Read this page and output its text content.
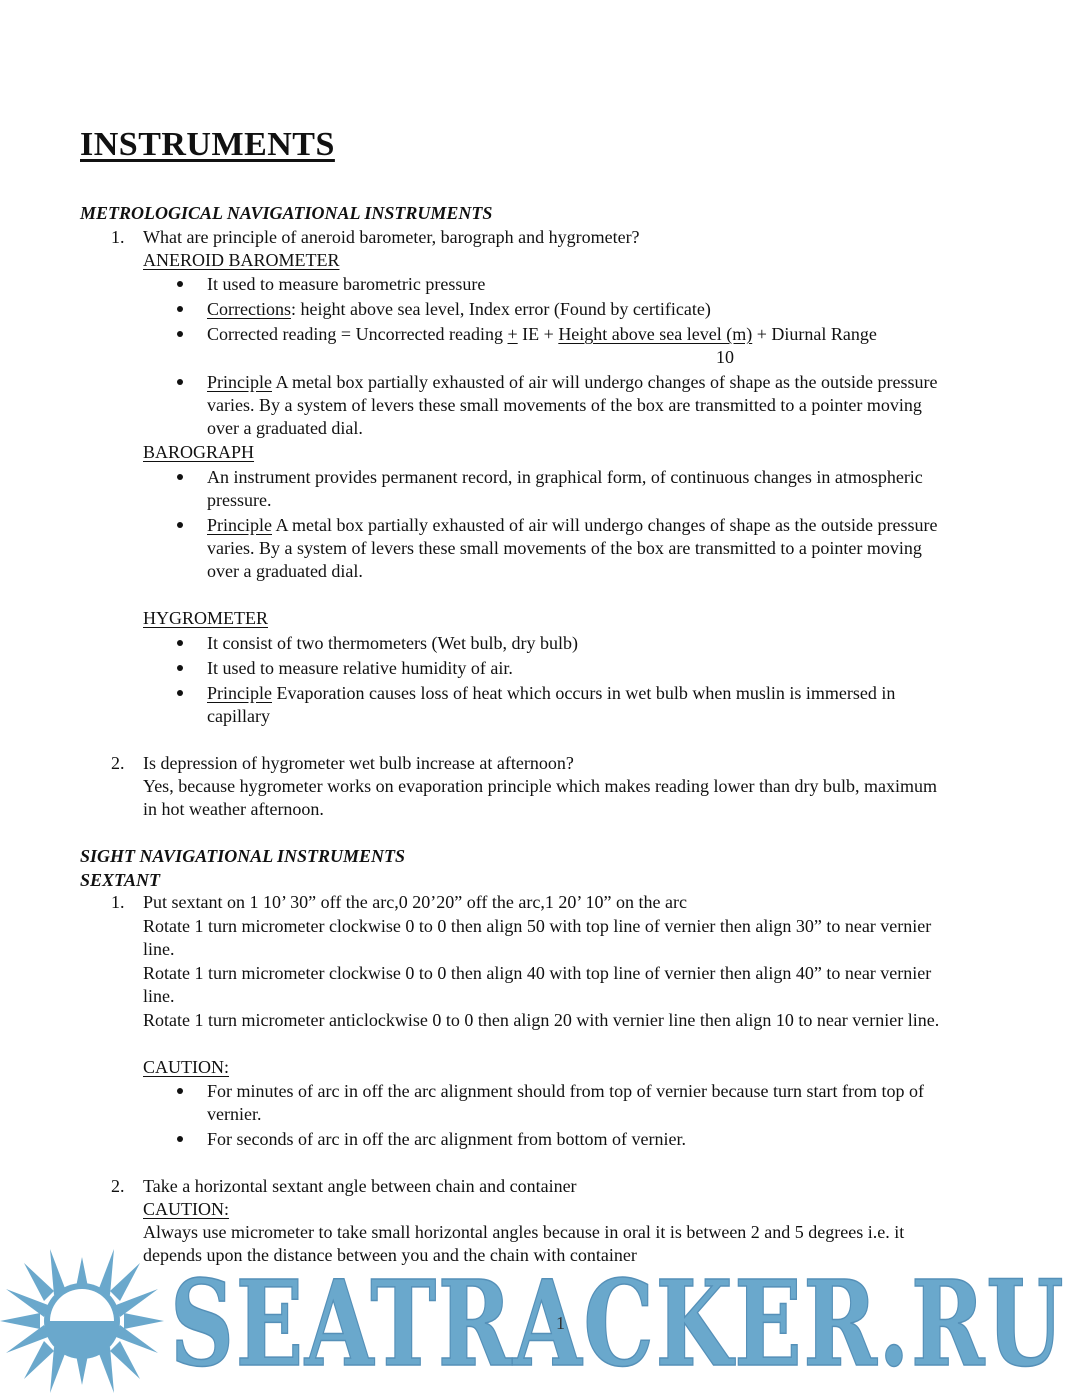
INSTRUMENTS
METROLOGICAL NAVIGATIONAL INSTRUMENTS
1. What are principle of aneroid barometer, barograph and hygrometer?
ANEROID BAROMETER
It used to measure barometric pressure
Corrections: height above sea level, Index error (Found by certificate)
Corrected reading = Uncorrected reading + IE + Height above sea level (m) + Diurnal Range
10
Principle A metal box partially exhausted of air will undergo changes of shape as the outside pressure
varies. By a system of levers these small movements of the box are transmitted to a pointer moving
over a graduated dial.
BAROGRAPH
An instrument provides permanent record, in graphical form, of continuous changes in atmospheric
pressure.
Principle A metal box partially exhausted of air will undergo changes of shape as the outside pressure
varies. By a system of levers these small movements of the box are transmitted to a pointer moving
over a graduated dial.
HYGROMETER
It consist of two thermometers (Wet bulb, dry bulb)
It used to measure relative humidity of air.
Principle Evaporation causes loss of heat which occurs in wet bulb when muslin is immersed in
capillary
2. Is depression of hygrometer wet bulb increase at afternoon?
Yes, because hygrometer works on evaporation principle which makes reading lower than dry bulb, maximum
in hot weather afternoon.
SIGHT NAVIGATIONAL INSTRUMENTS
SEXTANT
1. Put sextant on 1 10’ 30” off the arc,0 20’20” off the arc,1 20’ 10” on the arc
Rotate 1 turn micrometer clockwise 0 to 0 then align 50 with top line of vernier then align 30” to near vernier
line.
Rotate 1 turn micrometer clockwise 0 to 0 then align 40 with top line of vernier then align 40” to near vernier
line.
Rotate 1 turn micrometer anticlockwise 0 to 0 then align 20 with vernier line then align 10 to near vernier line.
CAUTION:
For minutes of arc in off the arc alignment should from top of vernier because turn start from top of
vernier.
For seconds of arc in off the arc alignment from bottom of vernier.
2. Take a horizontal sextant angle between chain and container
CAUTION:
Always use micrometer to take small horizontal angles because in oral it is between 2 and 5 degrees i.e. it
depends upon the distance between you and the chain with container
SEATRACKER.RU
1
